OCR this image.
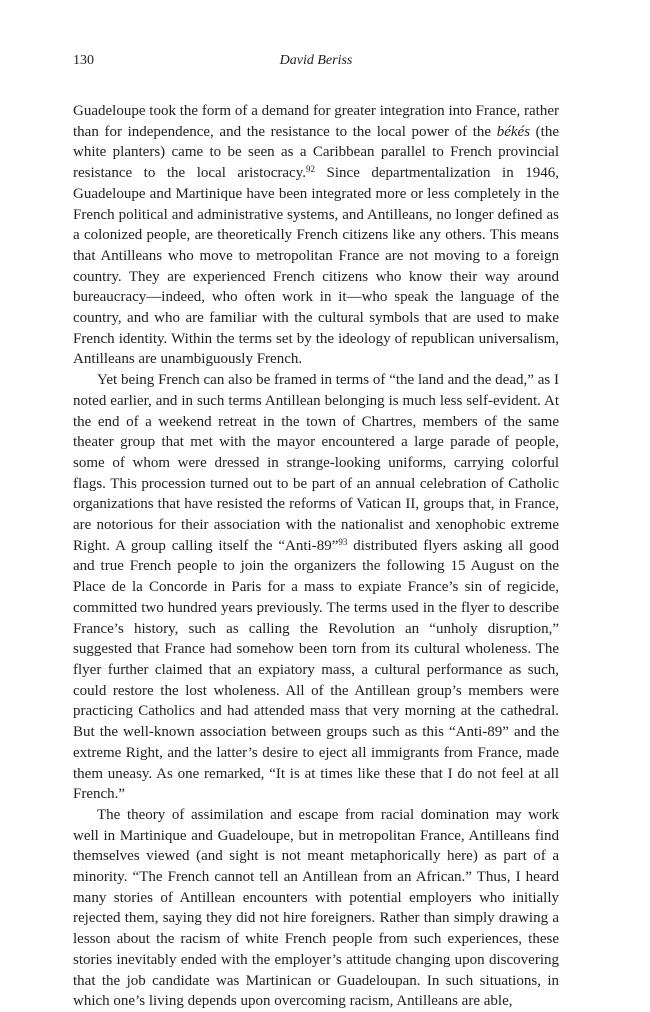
130	David Beriss

Guadeloupe took the form of a demand for greater integration into France, rather than for independence, and the resistance to the local power of the békés (the white planters) came to be seen as a Caribbean parallel to French provincial resistance to the local aristocracy.$^{92}$ Since departmentalization in 1946, Guadeloupe and Martinique have been integrated more or less completely in the French political and administrative systems, and Antilleans, no longer defined as a colonized people, are theoretically French citizens like any others. This means that Antilleans who move to metropolitan France are not moving to a foreign country. They are experienced French citizens who know their way around bureaucracy—indeed, who often work in it—who speak the language of the country, and who are familiar with the cultural symbols that are used to make French identity. Within the terms set by the ideology of republican universalism, Antilleans are unambiguously French.

Yet being French can also be framed in terms of “the land and the dead,” as I noted earlier, and in such terms Antillean belonging is much less self-evident. At the end of a weekend retreat in the town of Chartres, members of the same theater group that met with the mayor encountered a large parade of people, some of whom were dressed in strange-looking uniforms, carrying colorful flags. This procession turned out to be part of an annual celebration of Catholic organizations that have resisted the reforms of Vatican II, groups that, in France, are notorious for their association with the nationalist and xenophobic extreme Right. A group calling itself the “Anti-89”$^{93}$ distributed flyers asking all good and true French people to join the organizers the following 15 August on the Place de la Concorde in Paris for a mass to expiate France’s sin of regicide, committed two hundred years previously. The terms used in the flyer to describe France’s history, such as calling the Revolution an “unholy disruption,” suggested that France had somehow been torn from its cultural wholeness. The flyer further claimed that an expiatory mass, a cultural performance as such, could restore the lost wholeness. All of the Antillean group’s members were practicing Catholics and had attended mass that very morning at the cathedral. But the well-known association between groups such as this “Anti-89” and the extreme Right, and the latter’s desire to eject all immigrants from France, made them uneasy. As one remarked, “It is at times like these that I do not feel at all French.”

The theory of assimilation and escape from racial domination may work well in Martinique and Guadeloupe, but in metropolitan France, Antilleans find themselves viewed (and sight is not meant metaphorically here) as part of a minority. “The French cannot tell an Antillean from an African.” Thus, I heard many stories of Antillean encounters with potential employers who initially rejected them, saying they did not hire foreigners. Rather than simply drawing a lesson about the racism of white French people from such experiences, these stories inevitably ended with the employer’s attitude changing upon discovering that the job candidate was Martinican or Guadeloupan. In such situations, in which one’s living depends upon overcoming racism, Antilleans are able,
